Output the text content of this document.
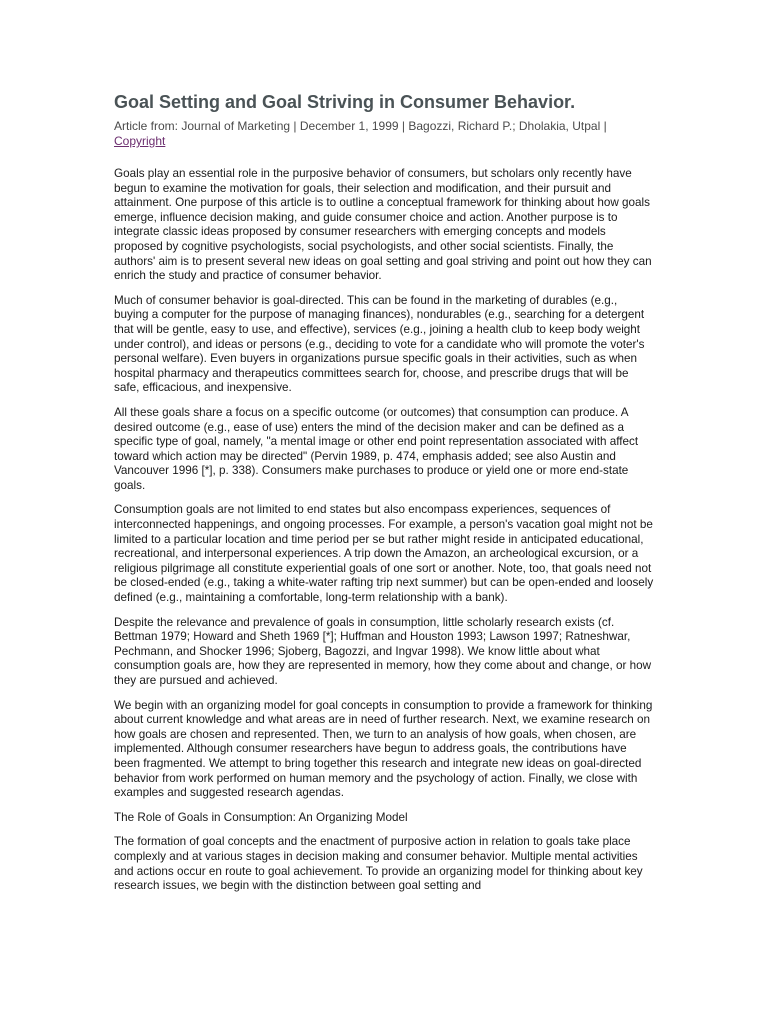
Goal Setting and Goal Striving in Consumer Behavior.
Article from: Journal of Marketing | December 1, 1999 | Bagozzi, Richard P.; Dholakia, Utpal | Copyright

Goals play an essential role in the purposive behavior of consumers, but scholars only recently have begun to examine the motivation for goals, their selection and modification, and their pursuit and attainment. One purpose of this article is to outline a conceptual framework for thinking about how goals emerge, influence decision making, and guide consumer choice and action. Another purpose is to integrate classic ideas proposed by consumer researchers with emerging concepts and models proposed by cognitive psychologists, social psychologists, and other social scientists. Finally, the authors' aim is to present several new ideas on goal setting and goal striving and point out how they can enrich the study and practice of consumer behavior.

Much of consumer behavior is goal-directed. This can be found in the marketing of durables (e.g., buying a computer for the purpose of managing finances), nondurables (e.g., searching for a detergent that will be gentle, easy to use, and effective), services (e.g., joining a health club to keep body weight under control), and ideas or persons (e.g., deciding to vote for a candidate who will promote the voter's personal welfare). Even buyers in organizations pursue specific goals in their activities, such as when hospital pharmacy and therapeutics committees search for, choose, and prescribe drugs that will be safe, efficacious, and inexpensive.

All these goals share a focus on a specific outcome (or outcomes) that consumption can produce. A desired outcome (e.g., ease of use) enters the mind of the decision maker and can be defined as a specific type of goal, namely, "a mental image or other end point representation associated with affect toward which action may be directed" (Pervin 1989, p. 474, emphasis added; see also Austin and Vancouver 1996 [*], p. 338). Consumers make purchases to produce or yield one or more end-state goals.

Consumption goals are not limited to end states but also encompass experiences, sequences of interconnected happenings, and ongoing processes. For example, a person's vacation goal might not be limited to a particular location and time period per se but rather might reside in anticipated educational, recreational, and interpersonal experiences. A trip down the Amazon, an archeological excursion, or a religious pilgrimage all constitute experiential goals of one sort or another. Note, too, that goals need not be closed-ended (e.g., taking a white-water rafting trip next summer) but can be open-ended and loosely defined (e.g., maintaining a comfortable, long-term relationship with a bank).

Despite the relevance and prevalence of goals in consumption, little scholarly research exists (cf. Bettman 1979; Howard and Sheth 1969 [*]; Huffman and Houston 1993; Lawson 1997; Ratneshwar, Pechmann, and Shocker 1996; Sjoberg, Bagozzi, and Ingvar 1998). We know little about what consumption goals are, how they are represented in memory, how they come about and change, or how they are pursued and achieved.

We begin with an organizing model for goal concepts in consumption to provide a framework for thinking about current knowledge and what areas are in need of further research. Next, we examine research on how goals are chosen and represented. Then, we turn to an analysis of how goals, when chosen, are implemented. Although consumer researchers have begun to address goals, the contributions have been fragmented. We attempt to bring together this research and integrate new ideas on goal-directed behavior from work performed on human memory and the psychology of action. Finally, we close with examples and suggested research agendas.

The Role of Goals in Consumption: An Organizing Model

The formation of goal concepts and the enactment of purposive action in relation to goals take place complexly and at various stages in decision making and consumer behavior. Multiple mental activities and actions occur en route to goal achievement. To provide an organizing model for thinking about key research issues, we begin with the distinction between goal setting and
